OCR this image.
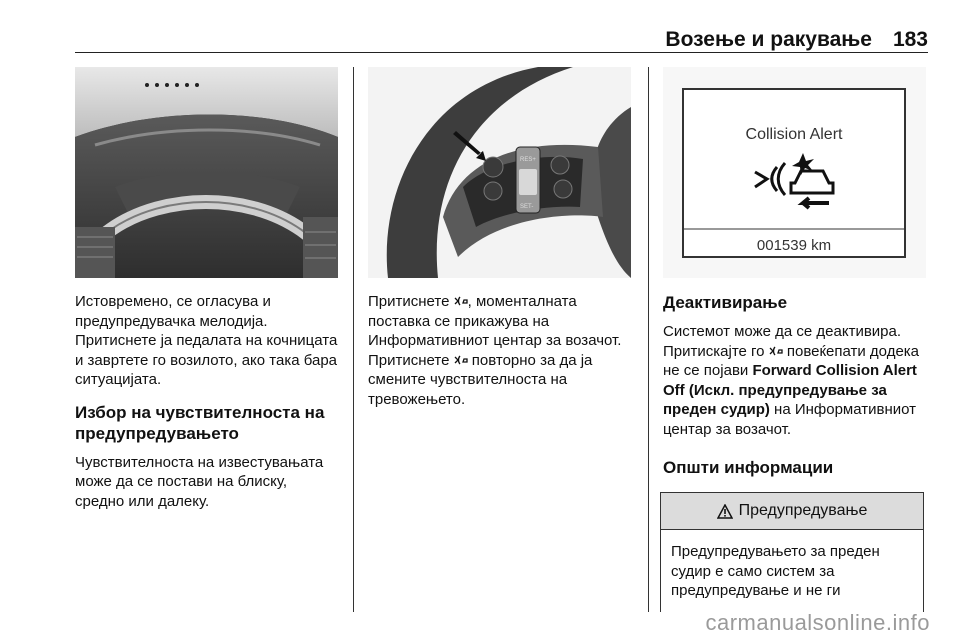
Возење и ракување 183
RES+
SET-
Collision Alert
001539 km

Истовремено, се огласува и предупредувачка мелодија. Притиснете ја педалата на кочницата и завртете го возилото, ако така бара ситуацијата.

Избор на чувствителноста на предупредувањето

Чувствителноста на известувањата може да се постави на блиску, средно или далеку.

Притиснете , моменталната поставка се прикажува на Информативниот центар за возачот. Притиснете повторно за да ја смените чувствителноста на тревожењето.

Деактивирање

Системот може да се деактивира. Притискајте го повеќепати додека не се појави Forward Collision Alert Off (Искл. предупредување за преден судир) на Информативниот центар за возачот.

Општи информации

Предупредување
Предупредувањето за преден судир е само систем за предупредување и не ги
carmanualsonline.info
